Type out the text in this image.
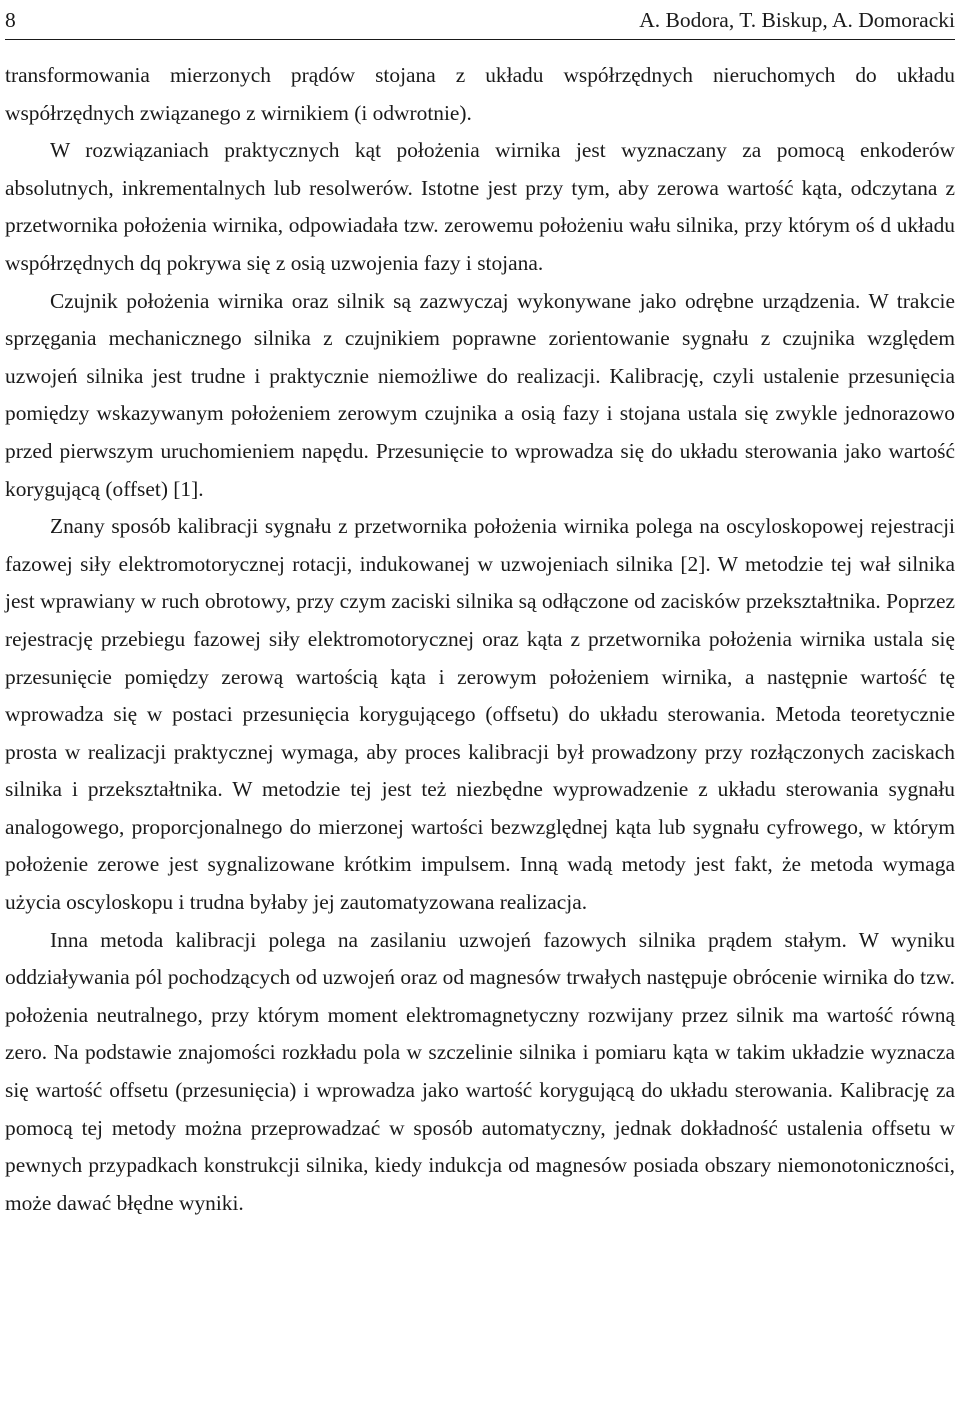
8	A. Bodora, T. Biskup, A. Domoracki

transformowania mierzonych prądów stojana z układu współrzędnych nieruchomych do układu współrzędnych związanego z wirnikiem (i odwrotnie).

W rozwiązaniach praktycznych kąt położenia wirnika jest wyznaczany za pomocą enkoderów absolutnych, inkrementalnych lub resolwerów. Istotne jest przy tym, aby zerowa wartość kąta, odczytana z przetwornika położenia wirnika, odpowiadała tzw. zerowemu położeniu wału silnika, przy którym oś d układu współrzędnych dq pokrywa się z osią uzwojenia fazy i stojana.

Czujnik położenia wirnika oraz silnik są zazwyczaj wykonywane jako odrębne urządzenia. W trakcie sprzęgania mechanicznego silnika z czujnikiem poprawne zorientowanie sygnału z czujnika względem uzwojeń silnika jest trudne i praktycznie niemożliwe do realizacji. Kalibrację, czyli ustalenie przesunięcia pomiędzy wskazywanym położeniem zerowym czujnika a osią fazy i stojana ustala się zwykle jednorazowo przed pierwszym uruchomieniem napędu. Przesunięcie to wprowadza się do układu sterowania jako wartość korygującą (offset) [1].

Znany sposób kalibracji sygnału z przetwornika położenia wirnika polega na oscyloskopowej rejestracji fazowej siły elektromotorycznej rotacji, indukowanej w uzwojeniach silnika [2]. W metodzie tej wał silnika jest wprawiany w ruch obrotowy, przy czym zaciski silnika są odłączone od zacisków przekształtnika. Poprzez rejestrację przebiegu fazowej siły elektromotorycznej oraz kąta z przetwornika położenia wirnika ustala się przesunięcie pomiędzy zerową wartością kąta i zerowym położeniem wirnika, a następnie wartość tę wprowadza się w postaci przesunięcia korygującego (offsetu) do układu sterowania. Metoda teoretycznie prosta w realizacji praktycznej wymaga, aby proces kalibracji był prowadzony przy rozłączonych zaciskach silnika i przekształtnika. W metodzie tej jest też niezbędne wyprowadzenie z układu sterowania sygnału analogowego, proporcjonalnego do mierzonej wartości bezwzględnej kąta lub sygnału cyfrowego, w którym położenie zerowe jest sygnalizowane krótkim impulsem. Inną wadą metody jest fakt, że metoda wymaga użycia oscyloskopu i trudna byłaby jej zautomatyzowana realizacja.

Inna metoda kalibracji polega na zasilaniu uzwojeń fazowych silnika prądem stałym. W wyniku oddziaływania pól pochodzących od uzwojeń oraz od magnesów trwałych następuje obrócenie wirnika do tzw. położenia neutralnego, przy którym moment elektromagnetyczny rozwijany przez silnik ma wartość równą zero. Na podstawie znajomości rozkładu pola w szczelinie silnika i pomiaru kąta w takim układzie wyznacza się wartość offsetu (przesunięcia) i wprowadza jako wartość korygującą do układu sterowania. Kalibrację za pomocą tej metody można przeprowadzać w sposób automatyczny, jednak dokładność ustalenia offsetu w pewnych przypadkach konstrukcji silnika, kiedy indukcja od magnesów posiada obszary niemonotoniczności, może dawać błędne wyniki.
